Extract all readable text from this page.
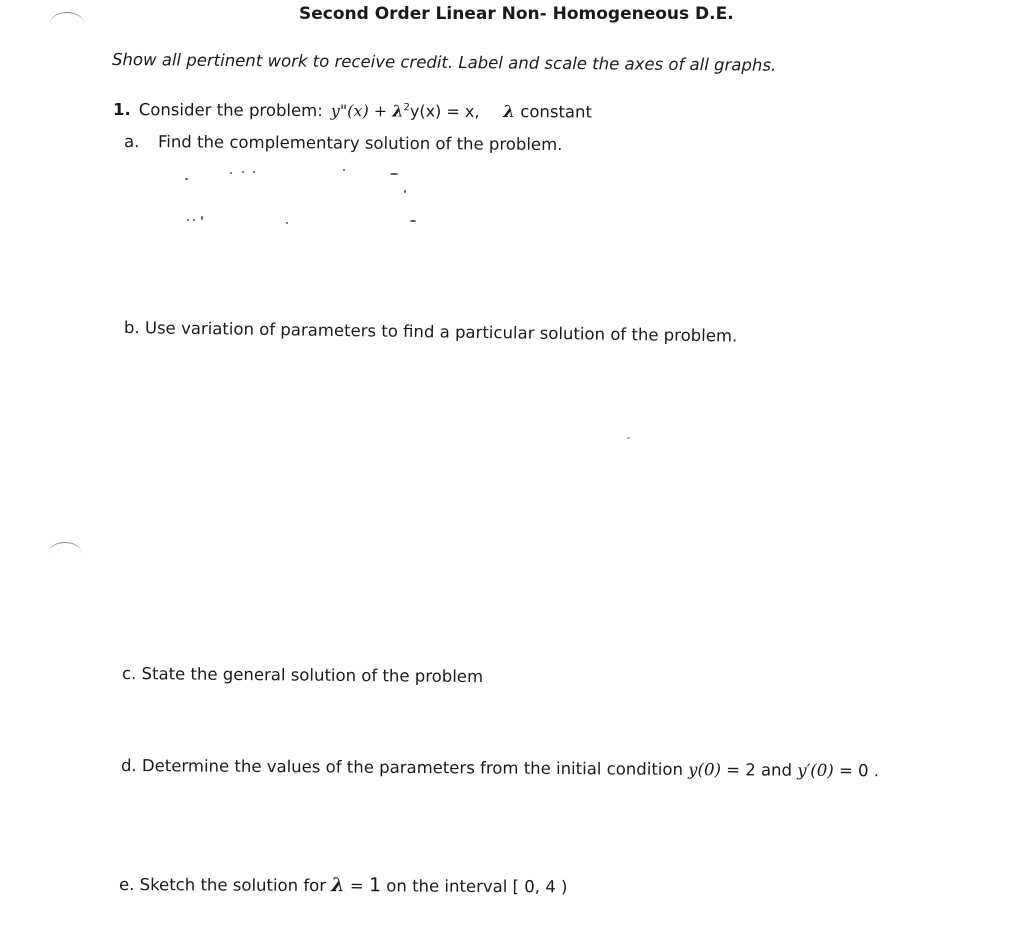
Second Order Linear Non- Homogeneous D.E.
Show all pertinent work to receive credit. Label and scale the axes of all graphs.
1. Consider the problem: y"(x) + $\lambda^2y(x) = x$, λ constant
a. Find the complementary solution of the problem.
b. Use variation of parameters to find a particular solution of the problem.
c. State the general solution of the problem
d. Determine the values of the parameters from the initial condition y(0) = 2 and y′(0) = 0 .
e. Sketch the solution for λ = 1 on the interval [ 0, 4 )
